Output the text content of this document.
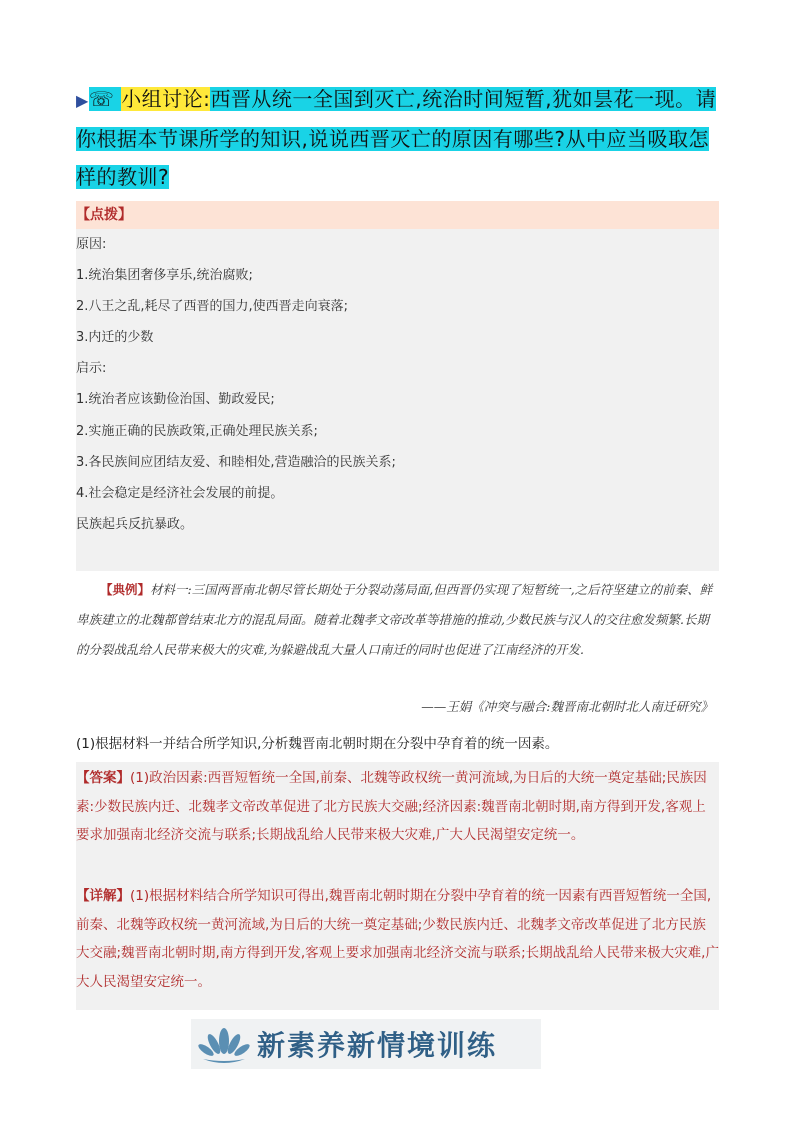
▶☏ 小组讨论:西晋从统一全国到灭亡,统治时间短暂,犹如昙花一现。请你根据本节课所学的知识,说说西晋灭亡的原因有哪些?从中应当吸取怎样的教训?
【点拨】
原因:
1.统治集团奢侈享乐,统治腐败;
2.八王之乱,耗尽了西晋的国力,使西晋走向衰落;
3.内迁的少数
启示:
1.统治者应该勤俭治国、勤政爱民;
2.实施正确的民族政策,正确处理民族关系;
3.各民族间应团结友爱、和睦相处,营造融洽的民族关系;
4.社会稳定是经济社会发展的前提。
民族起兵反抗暴政。
【典例】材料一:三国两晋南北朝尽管长期处于分裂动荡局面,但西晋仍实现了短暂统一,之后符坚建立的前秦、鲜卑族建立的北魏都曾结束北方的混乱局面。随着北魏孝文帝改革等措施的推动,少数民族与汉人的交往愈发频繁.长期的分裂战乱给人民带来极大的灾难,为躲避战乱大量人口南迁的同时也促进了江南经济的开发.
——王娟《冲突与融合:魏晋南北朝时北人南迁研究》
(1)根据材料一并结合所学知识,分析魏晋南北朝时期在分裂中孕育着的统一因素。
【答案】(1)政治因素:西晋短暂统一全国,前秦、北魏等政权统一黄河流域,为日后的大统一奠定基础;民族因素:少数民族内迁、北魏孝文帝改革促进了北方民族大交融;经济因素:魏晋南北朝时期,南方得到开发,客观上要求加强南北经济交流与联系;长期战乱给人民带来极大灾难,广大人民渴望安定统一。
【详解】(1)根据材料结合所学知识可得出,魏晋南北朝时期在分裂中孕育着的统一因素有西晋短暂统一全国,前秦、北魏等政权统一黄河流域,为日后的大统一奠定基础;少数民族内迁、北魏孝文帝改革促进了北方民族大交融;魏晋南北朝时期,南方得到开发,客观上要求加强南北经济交流与联系;长期战乱给人民带来极大灾难,广大人民渴望安定统一。
新素养新情境训练
